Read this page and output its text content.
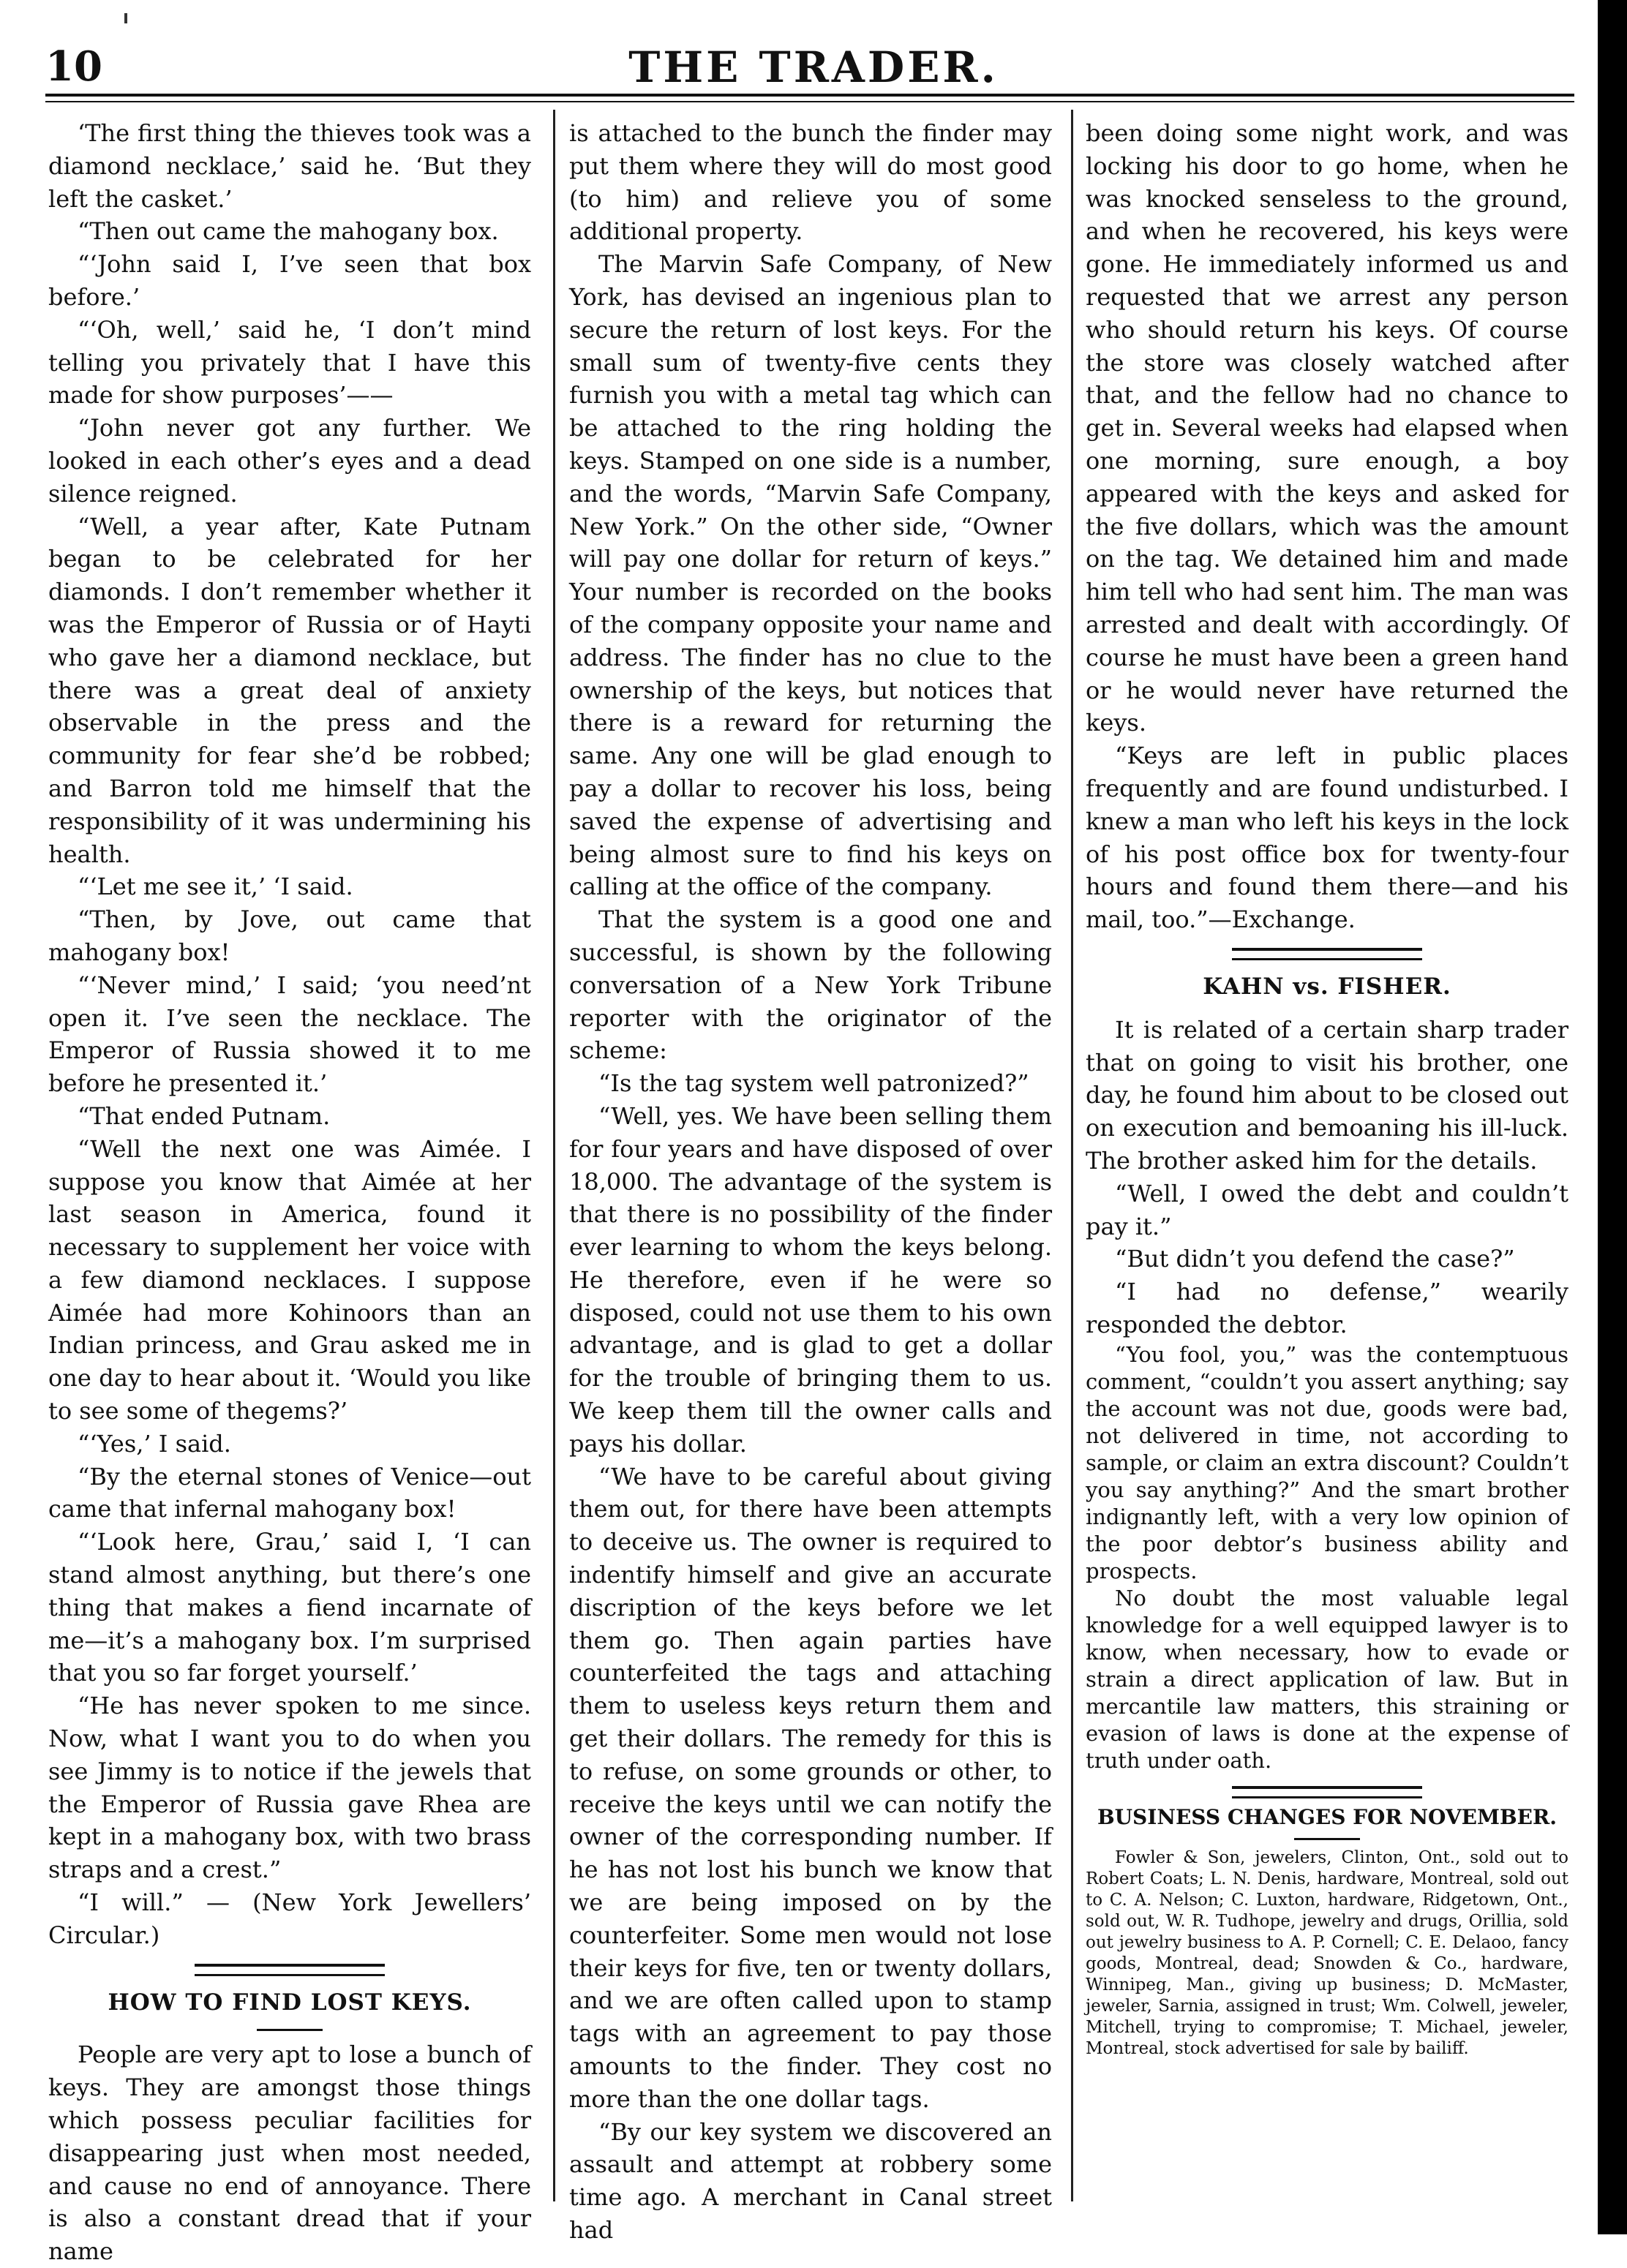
10	THE TRADER.

‘The first thing the thieves took was a diamond necklace,’ said he. ‘But they left the casket.’

“Then out came the mahogany box.

“‘John said I, I’ve seen that box before.’

“‘Oh, well,’ said he, ‘I don’t mind telling you privately that I have this made for show purposes’——

“John never got any further. We looked in each other’s eyes and a dead silence reigned.

“Well, a year after, Kate Putnam began to be celebrated for her diamonds. I don’t remember whether it was the Emperor of Russia or of Hayti who gave her a diamond necklace, but there was a great deal of anxiety observable in the press and the community for fear she’d be robbed; and Barron told me himself that the responsibility of it was undermining his health.

“‘Let me see it,’ ‘I said.

“Then, by Jove, out came that mahogany box!

“‘Never mind,’ I said; ‘you need’nt open it. I’ve seen the necklace. The Emperor of Russia showed it to me before he presented it.’

“That ended Putnam.

“Well the next one was Aimée. I suppose you know that Aimée at her last season in America, found it necessary to supplement her voice with a few diamond necklaces. I suppose Aimée had more Kohinoors than an Indian princess, and Grau asked me in one day to hear about it. ‘Would you like to see some of thegems?’

“‘Yes,’ I said.

“By the eternal stones of Venice—out came that infernal mahogany box!

“‘Look here, Grau,’ said I, ‘I can stand almost anything, but there’s one thing that makes a fiend incarnate of me—it’s a mahogany box. I’m surprised that you so far forget yourself.’

“He has never spoken to me since. Now, what I want you to do when you see Jimmy is to notice if the jewels that the Emperor of Russia gave Rhea are kept in a mahogany box, with two brass straps and a crest.”

“I will.” — (New York Jewellers’ Circular.)

HOW TO FIND LOST KEYS.

People are very apt to lose a bunch of keys. They are amongst those things which possess peculiar facilities for disappearing just when most needed, and cause no end of annoyance. There is also a constant dread that if your name

is attached to the bunch the finder may put them where they will do most good (to him) and relieve you of some additional property.

The Marvin Safe Company, of New York, has devised an ingenious plan to secure the return of lost keys. For the small sum of twenty-five cents they furnish you with a metal tag which can be attached to the ring holding the keys. Stamped on one side is a number, and the words, “Marvin Safe Company, New York.” On the other side, “Owner will pay one dollar for return of keys.” Your number is recorded on the books of the company opposite your name and address. The finder has no clue to the ownership of the keys, but notices that there is a reward for returning the same. Any one will be glad enough to pay a dollar to recover his loss, being saved the expense of advertising and being almost sure to find his keys on calling at the office of the company.

That the system is a good one and successful, is shown by the following conversation of a New York Tribune reporter with the originator of the scheme:

“Is the tag system well patronized?”

“Well, yes. We have been selling them for four years and have disposed of over 18,000. The advantage of the system is that there is no possibility of the finder ever learning to whom the keys belong. He therefore, even if he were so disposed, could not use them to his own advantage, and is glad to get a dollar for the trouble of bringing them to us. We keep them till the owner calls and pays his dollar.

“We have to be careful about giving them out, for there have been attempts to deceive us. The owner is required to indentify himself and give an accurate discription of the keys before we let them go. Then again parties have counterfeited the tags and attaching them to useless keys return them and get their dollars. The remedy for this is to refuse, on some grounds or other, to receive the keys until we can notify the owner of the corresponding number. If he has not lost his bunch we know that we are being imposed on by the counterfeiter. Some men would not lose their keys for five, ten or twenty dollars, and we are often called upon to stamp tags with an agreement to pay those amounts to the finder. They cost no more than the one dollar tags.

“By our key system we discovered an assault and attempt at robbery some time ago. A merchant in Canal street had

been doing some night work, and was locking his door to go home, when he was knocked senseless to the ground, and when he recovered, his keys were gone. He immediately informed us and requested that we arrest any person who should return his keys. Of course the store was closely watched after that, and the fellow had no chance to get in. Several weeks had elapsed when one morning, sure enough, a boy appeared with the keys and asked for the five dollars, which was the amount on the tag. We detained him and made him tell who had sent him. The man was arrested and dealt with accordingly. Of course he must have been a green hand or he would never have returned the keys.

“Keys are left in public places frequently and are found undisturbed. I knew a man who left his keys in the lock of his post office box for twenty-four hours and found them there—and his mail, too.”—Exchange.

KAHN vs. FISHER.

It is related of a certain sharp trader that on going to visit his brother, one day, he found him about to be closed out on execution and bemoaning his ill-luck. The brother asked him for the details.

“Well, I owed the debt and couldn’t pay it.”

“But didn’t you defend the case?”

“I had no defense,” wearily responded the debtor.

“You fool, you,” was the contemptuous comment, “couldn’t you assert anything; say the account was not due, goods were bad, not delivered in time, not according to sample, or claim an extra discount? Couldn’t you say anything?” And the smart brother indignantly left, with a very low opinion of the poor debtor’s business ability and prospects.

No doubt the most valuable legal knowledge for a well equipped lawyer is to know, when necessary, how to evade or strain a direct application of law. But in mercantile law matters, this straining or evasion of laws is done at the expense of truth under oath.

BUSINESS CHANGES FOR NOVEMBER.

Fowler & Son, jewelers, Clinton, Ont., sold out to Robert Coats; L. N. Denis, hardware, Montreal, sold out to C. A. Nelson; C. Luxton, hardware, Ridgetown, Ont., sold out, W. R. Tudhope, jewelry and drugs, Orillia, sold out jewelry business to A. P. Cornell; C. E. Delaoo, fancy goods, Montreal, dead; Snowden & Co., hardware, Winnipeg, Man., giving up business; D. McMaster, jeweler, Sarnia, assigned in trust; Wm. Colwell, jeweler, Mitchell, trying to compromise; T. Michael, jeweler, Montreal, stock advertised for sale by bailiff.
